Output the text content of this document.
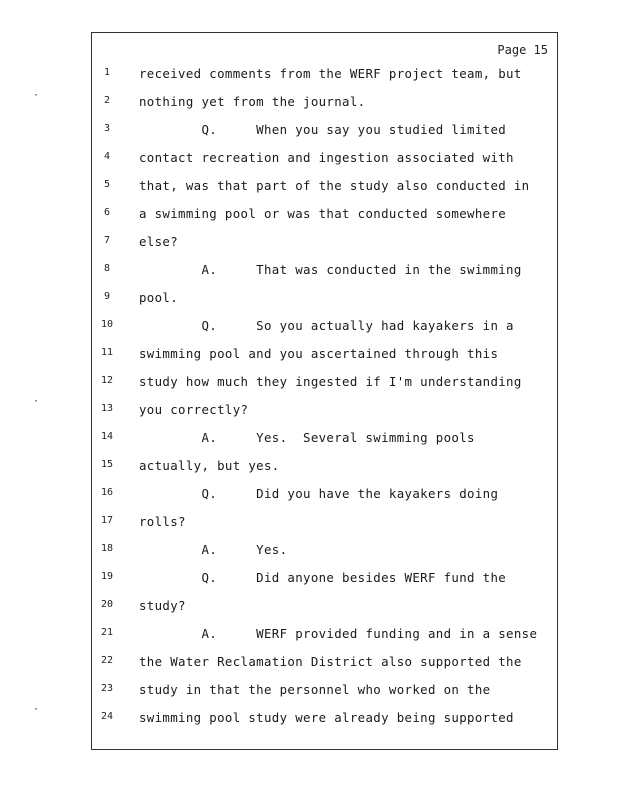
Page 15
1	received comments from the WERF project team, but
2	nothing yet from the journal.
3	Q.     When you say you studied limited
4	contact recreation and ingestion associated with
5	that, was that part of the study also conducted in
6	a swimming pool or was that conducted somewhere
7	else?
8	A.     That was conducted in the swimming
9	pool.
10	Q.     So you actually had kayakers in a
11	swimming pool and you ascertained through this
12	study how much they ingested if I'm understanding
13	you correctly?
14	A.     Yes.  Several swimming pools
15	actually, but yes.
16	Q.     Did you have the kayakers doing
17	rolls?
18	A.     Yes.
19	Q.     Did anyone besides WERF fund the
20	study?
21	A.     WERF provided funding and in a sense
22	the Water Reclamation District also supported the
23	study in that the personnel who worked on the
24	swimming pool study were already being supported
·
·
·
